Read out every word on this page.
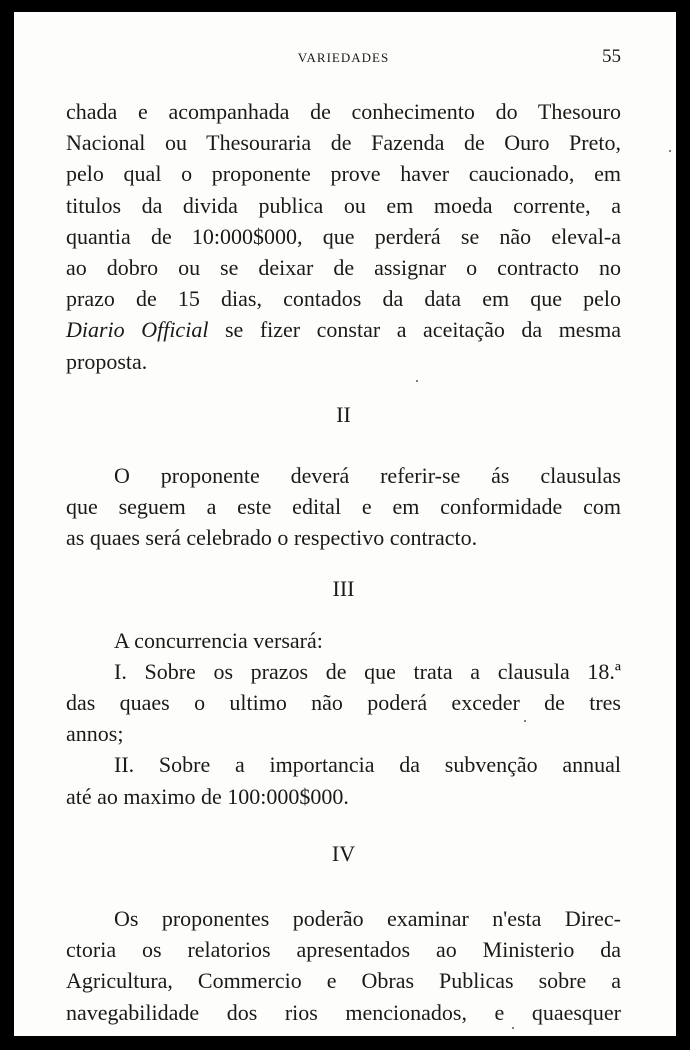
VARIEDADES	55
chada e acompanhada de conhecimento do Thesouro
Nacional ou Thesouraria de Fazenda de Ouro Preto,
pelo qual o proponente prove haver caucionado, em
titulos da divida publica ou em moeda corrente, a
quantia de 10:000$000, que perderá se não eleval-a
ao dobro ou se deixar de assignar o contracto no
prazo de 15 dias, contados da data em que pelo
Diario Official se fizer constar a aceitação da mesma
proposta.
II
O proponente deverá referir-se ás clausulas
que seguem a este edital e em conformidade com
as quaes será celebrado o respectivo contracto.
III
A concurrencia versará:
I. Sobre os prazos de que trata a clausula 18.ª
das quaes o ultimo não poderá exceder de tres
annos;
II. Sobre a importancia da subvenção annual
até ao maximo de 100:000$000.
IV
Os proponentes poderão examinar n'esta Direc-
ctoria os relatorios apresentados ao Ministerio da
Agricultura, Commercio e Obras Publicas sobre a
navegabilidade dos rios mencionados, e quaesquer
